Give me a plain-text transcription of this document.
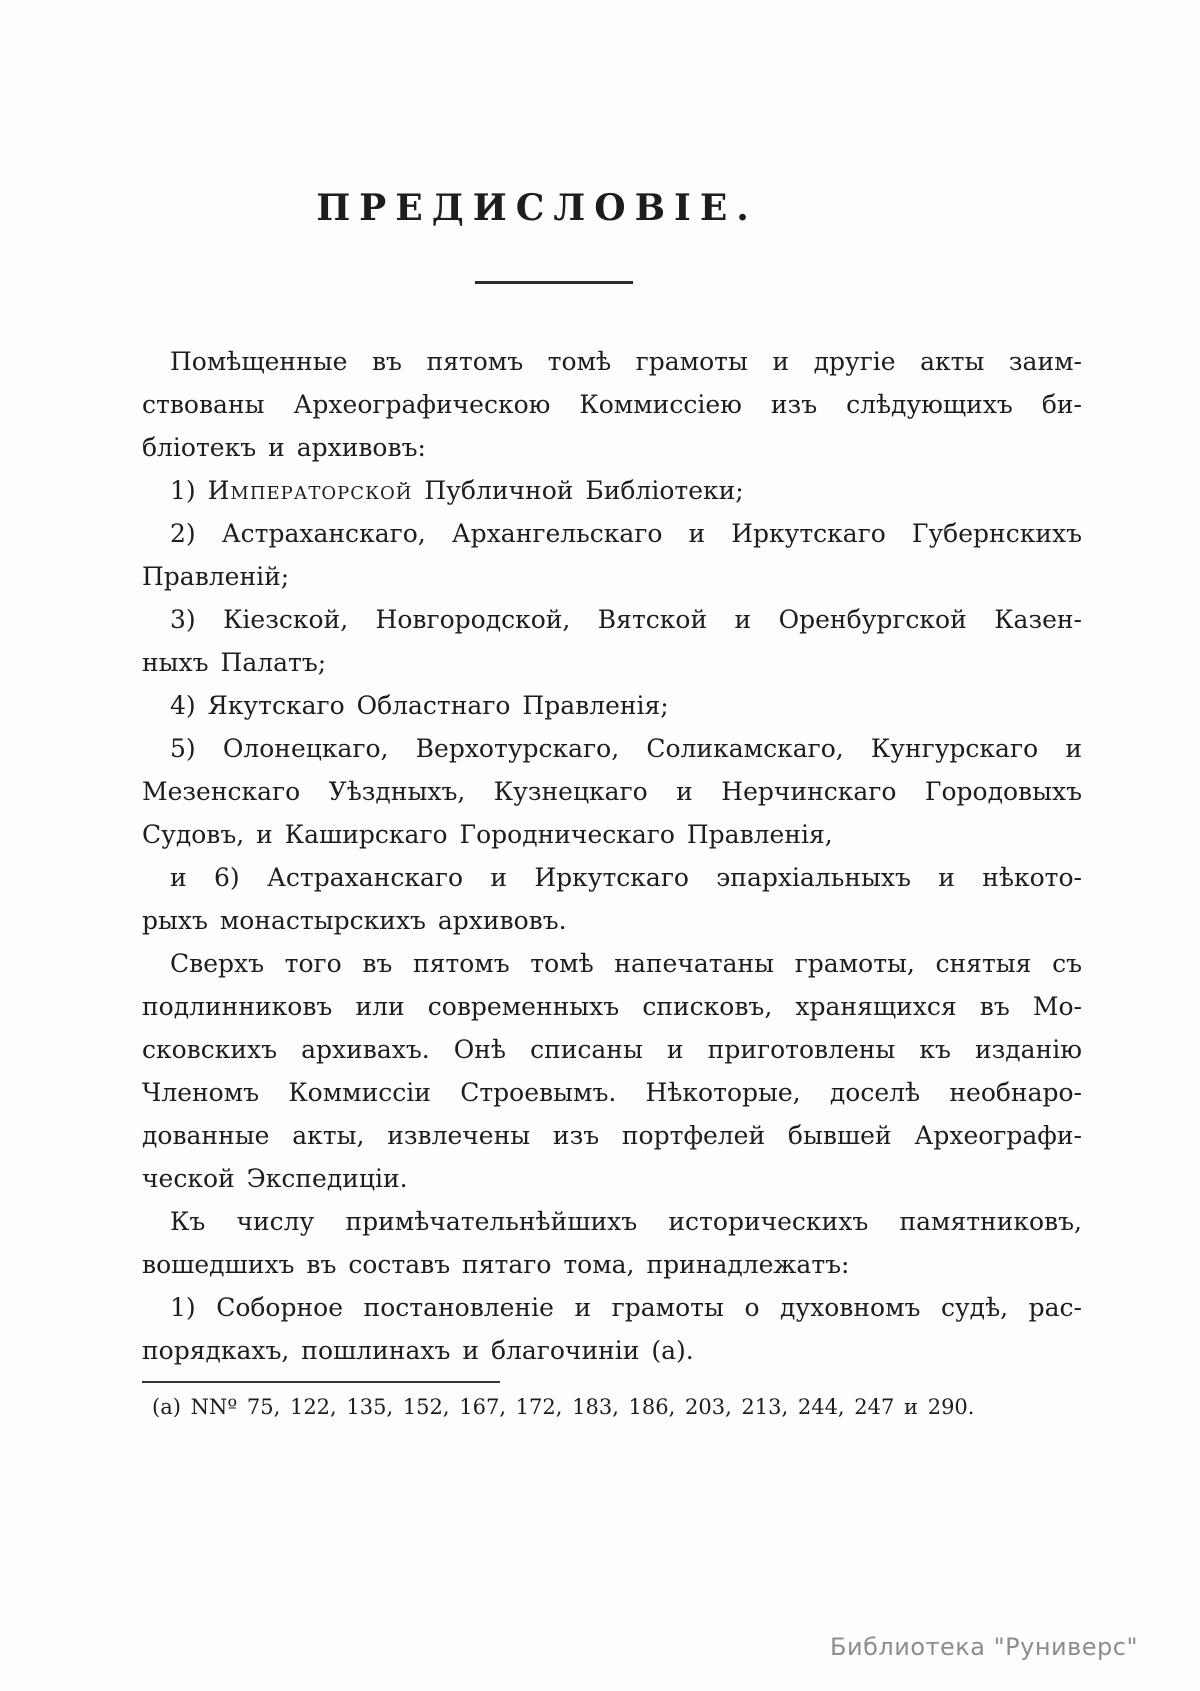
ПРЕДИСЛОВІЕ.
Помѣщенные въ пятомъ томѣ грамоты и другіе акты заим-
ствованы Археографическою Коммиссіею изъ слѣдующихъ би-
бліотекъ и архивовъ:
1) Императорской Публичной Библіотеки;
2) Астраханскаго, Архангельскаго и Иркутскаго Губернскихъ
Правленій;
3) Кіезской, Новгородской, Вятской и Оренбургской Казен-
ныхъ Палатъ;
4) Якутскаго Областнаго Правленія;
5) Олонецкаго, Верхотурскаго, Соликамскаго, Кунгурскаго и
Мезенскаго Уѣздныхъ, Кузнецкаго и Нерчинскаго Городовыхъ
Судовъ, и Каширскаго Городническаго Правленія,
и 6) Астраханскаго и Иркутскаго эпархіальныхъ и нѣкото-
рыхъ монастырскихъ архивовъ.
Сверхъ того въ пятомъ томѣ напечатаны грамоты, снятыя съ
подлинниковъ или современныхъ списковъ, хранящихся въ Мо-
сковскихъ архивахъ. Онѣ списаны и приготовлены къ изданію
Членомъ Коммиссіи Строевымъ. Нѣкоторые, доселѣ необнаро-
дованные акты, извлечены изъ портфелей бывшей Археографи-
ческой Экспедиціи.
Къ числу примѣчательнѣйшихъ историческихъ памятниковъ,
вошедшихъ въ составъ пятаго тома, принадлежатъ:
1) Соборное постановленіе и грамоты о духовномъ судѣ, рас-
порядкахъ, пошлинахъ и благочиніи (а).
(а) NNº 75, 122, 135, 152, 167, 172, 183, 186, 203, 213, 244, 247 и 290.
Библиотека "Руниверс"
